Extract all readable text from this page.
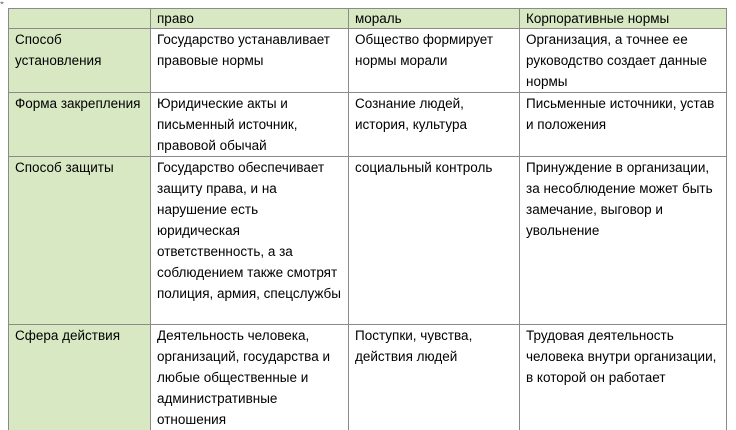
⌖
	право	мораль	Корпоративные нормы
Способ установления	Государство устанавливает правовые нормы	Общество формирует нормы морали	Организация, а точнее ее руководство создает данные нормы
Форма закрепления	Юридические акты и письменный источник, правовой обычай	Сознание людей, история, культура	Письменные источники, устав и положения
Способ защиты	Государство обеспечивает защиту права, и на нарушение есть юридическая ответственность, а за соблюдением также смотрят полиция, армия, спецслужбы	социальный контроль	Принуждение в организации, за несоблюдение может быть замечание, выговор и увольнение
Сфера действия	Деятельность человека, организаций, государства и любые общественные и административные отношения	Поступки, чувства, действия людей	Трудовая деятельность человека внутри организации, в которой он работает
